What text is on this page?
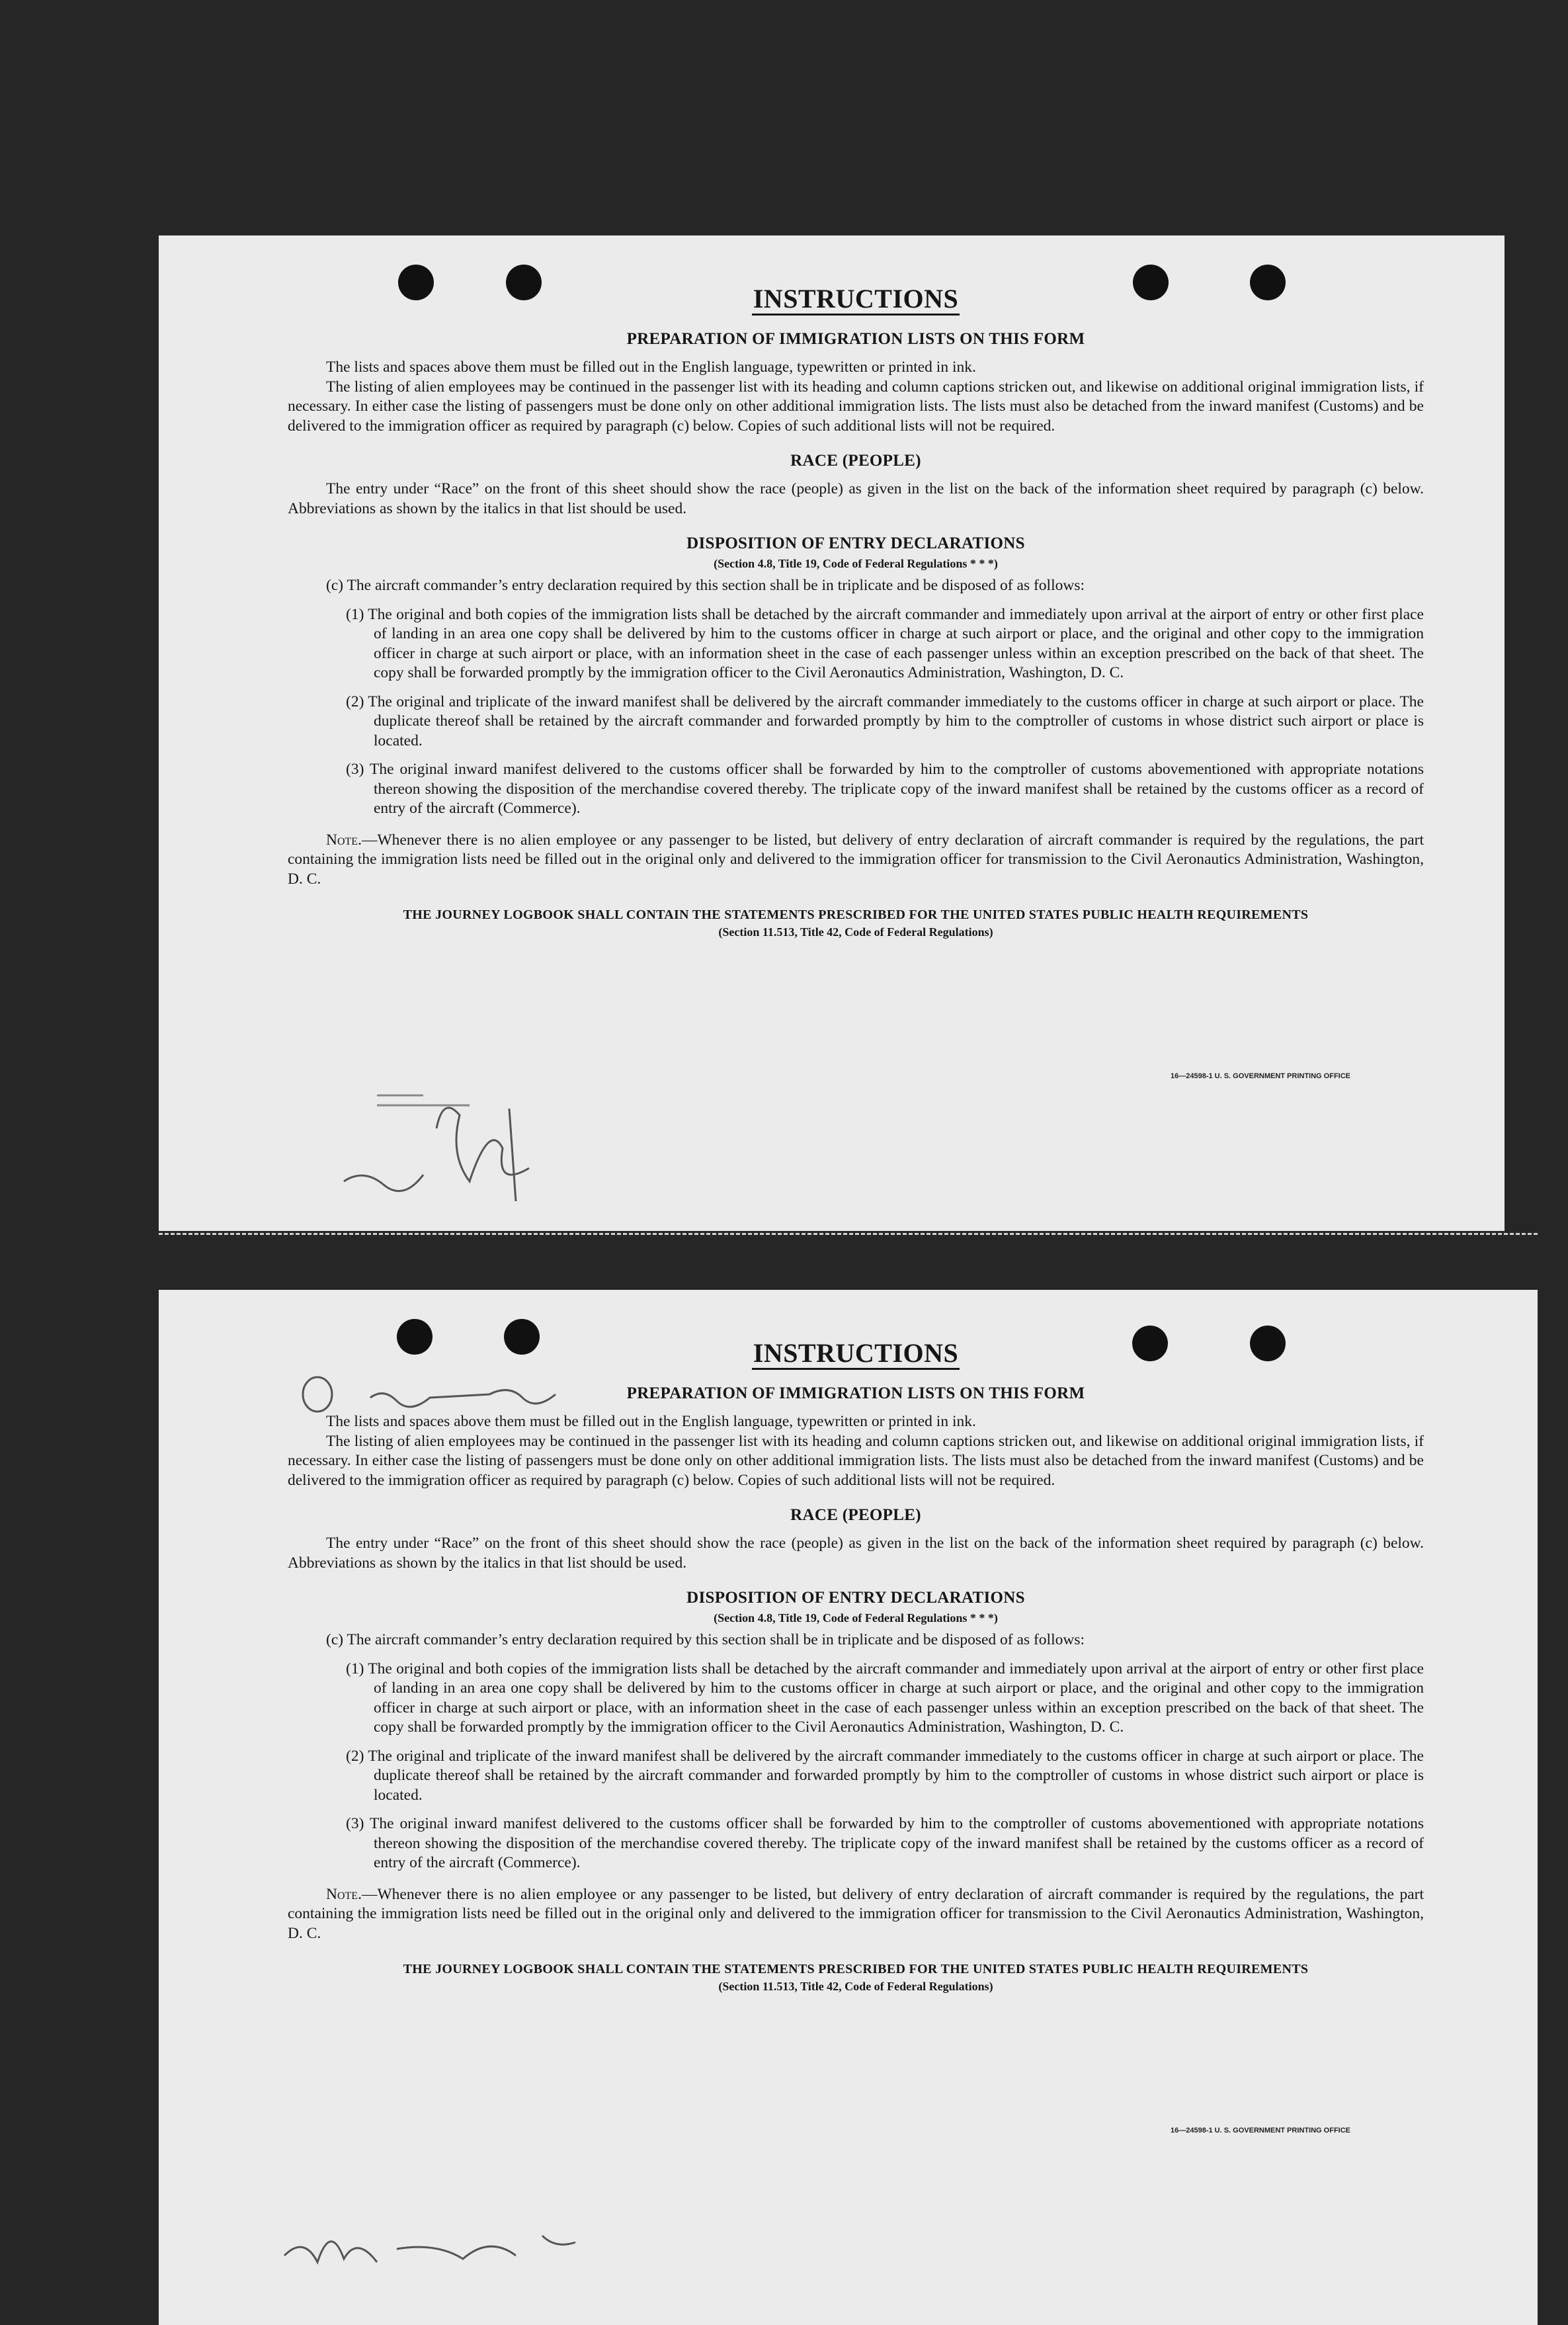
INSTRUCTIONS
PREPARATION OF IMMIGRATION LISTS ON THIS FORM

The lists and spaces above them must be filled out in the English language, typewritten or printed in ink.

The listing of alien employees may be continued in the passenger list with its heading and column captions stricken out, and likewise on additional original immigration lists, if necessary. In either case the listing of passengers must be done only on other additional immigration lists. The lists must also be detached from the inward manifest (Customs) and be delivered to the immigration officer as required by paragraph (c) below. Copies of such additional lists will not be required.

RACE (PEOPLE)

The entry under “Race” on the front of this sheet should show the race (people) as given in the list on the back of the information sheet required by paragraph (c) below. Abbreviations as shown by the italics in that list should be used.

DISPOSITION OF ENTRY DECLARATIONS
(Section 4.8, Title 19, Code of Federal Regulations * * *)

(c) The aircraft commander’s entry declaration required by this section shall be in triplicate and be disposed of as follows:

(1) The original and both copies of the immigration lists shall be detached by the aircraft commander and immediately upon arrival at the airport of entry or other first place of landing in an area one copy shall be delivered by him to the customs officer in charge at such airport or place, and the original and other copy to the immigration officer in charge at such airport or place, with an information sheet in the case of each passenger unless within an exception prescribed on the back of that sheet. The copy shall be forwarded promptly by the immigration officer to the Civil Aeronautics Administration, Washington, D. C.

(2) The original and triplicate of the inward manifest shall be delivered by the aircraft commander immediately to the customs officer in charge at such airport or place. The duplicate thereof shall be retained by the aircraft commander and forwarded promptly by him to the comptroller of customs in whose district such airport or place is located.

(3) The original inward manifest delivered to the customs officer shall be forwarded by him to the comptroller of customs abovementioned with appropriate notations thereon showing the disposition of the merchandise covered thereby. The triplicate copy of the inward manifest shall be retained by the customs officer as a record of entry of the aircraft (Commerce).

Note.—Whenever there is no alien employee or any passenger to be listed, but delivery of entry declaration of aircraft commander is required by the regulations, the part containing the immigration lists need be filled out in the original only and delivered to the immigration officer for transmission to the Civil Aeronautics Administration, Washington, D. C.

THE JOURNEY LOGBOOK SHALL CONTAIN THE STATEMENTS PRESCRIBED FOR THE UNITED STATES PUBLIC HEALTH REQUIREMENTS
(Section 11.513, Title 42, Code of Federal Regulations)
16—24598-1 U. S. GOVERNMENT PRINTING OFFICE
INSTRUCTIONS
PREPARATION OF IMMIGRATION LISTS ON THIS FORM

The lists and spaces above them must be filled out in the English language, typewritten or printed in ink.

The listing of alien employees may be continued in the passenger list with its heading and column captions stricken out, and likewise on additional original immigration lists, if necessary. In either case the listing of passengers must be done only on other additional immigration lists. The lists must also be detached from the inward manifest (Customs) and be delivered to the immigration officer as required by paragraph (c) below. Copies of such additional lists will not be required.

RACE (PEOPLE)

The entry under “Race” on the front of this sheet should show the race (people) as given in the list on the back of the information sheet required by paragraph (c) below. Abbreviations as shown by the italics in that list should be used.

DISPOSITION OF ENTRY DECLARATIONS
(Section 4.8, Title 19, Code of Federal Regulations * * *)

(c) The aircraft commander’s entry declaration required by this section shall be in triplicate and be disposed of as follows:

(1) The original and both copies of the immigration lists shall be detached by the aircraft commander and immediately upon arrival at the airport of entry or other first place of landing in an area one copy shall be delivered by him to the customs officer in charge at such airport or place, and the original and other copy to the immigration officer in charge at such airport or place, with an information sheet in the case of each passenger unless within an exception prescribed on the back of that sheet. The copy shall be forwarded promptly by the immigration officer to the Civil Aeronautics Administration, Washington, D. C.

(2) The original and triplicate of the inward manifest shall be delivered by the aircraft commander immediately to the customs officer in charge at such airport or place. The duplicate thereof shall be retained by the aircraft commander and forwarded promptly by him to the comptroller of customs in whose district such airport or place is located.

(3) The original inward manifest delivered to the customs officer shall be forwarded by him to the comptroller of customs abovementioned with appropriate notations thereon showing the disposition of the merchandise covered thereby. The triplicate copy of the inward manifest shall be retained by the customs officer as a record of entry of the aircraft (Commerce).

Note.—Whenever there is no alien employee or any passenger to be listed, but delivery of entry declaration of aircraft commander is required by the regulations, the part containing the immigration lists need be filled out in the original only and delivered to the immigration officer for transmission to the Civil Aeronautics Administration, Washington, D. C.

THE JOURNEY LOGBOOK SHALL CONTAIN THE STATEMENTS PRESCRIBED FOR THE UNITED STATES PUBLIC HEALTH REQUIREMENTS
(Section 11.513, Title 42, Code of Federal Regulations)
16—24598-1 U. S. GOVERNMENT PRINTING OFFICE
